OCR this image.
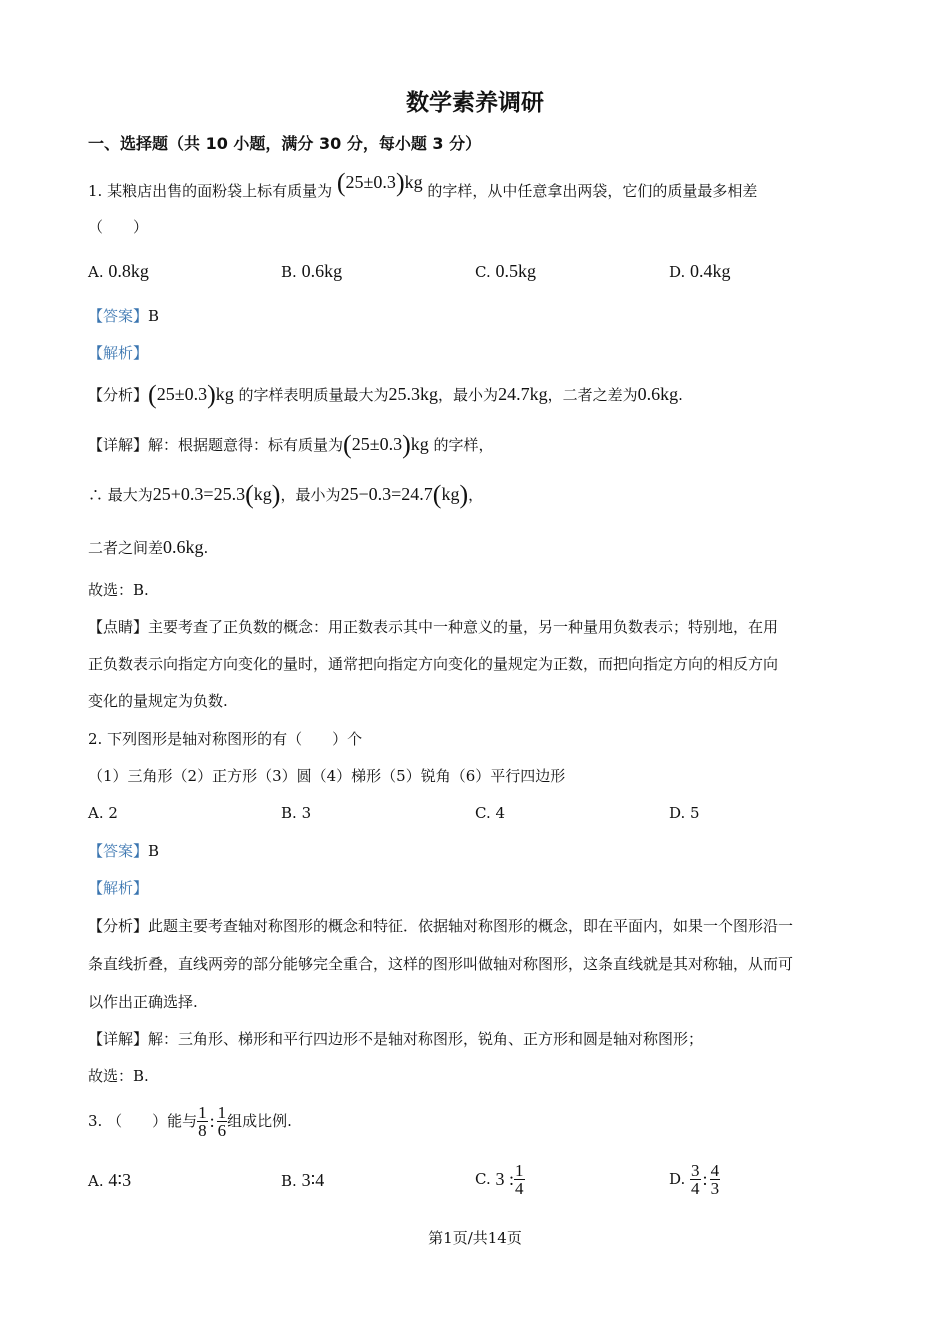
数学素养调研
一、选择题（共 10 小题，满分 30 分，每小题 3 分）
1. 某粮店出售的面粉袋上标有质量为 (25±0.3)kg 的字样，从中任意拿出两袋，它们的质量最多相差
（　　）
A. 0.8kg	B. 0.6kg	C. 0.5kg	D. 0.4kg
【答案】B
【解析】
【分析】(25±0.3)kg 的字样表明质量最大为25.3kg，最小为24.7kg，二者之差为0.6kg.
【详解】解：根据题意得：标有质量为(25±0.3)kg 的字样，
∴ 最大为25+0.3=25.3(kg)，最小为25−0.3=24.7(kg)，
二者之间差0.6kg.
故选：B.
【点睛】主要考查了正负数的概念：用正数表示其中一种意义的量，另一种量用负数表示；特别地，在用
正负数表示向指定方向变化的量时，通常把向指定方向变化的量规定为正数，而把向指定方向的相反方向
变化的量规定为负数.
2. 下列图形是轴对称图形的有（　　）个
（1）三角形（2）正方形（3）圆（4）梯形（5）锐角（6）平行四边形
A. 2	B. 3	C. 4	D. 5
【答案】B
【解析】
【分析】此题主要考查轴对称图形的概念和特征．依据轴对称图形的概念，即在平面内，如果一个图形沿一
条直线折叠，直线两旁的部分能够完全重合，这样的图形叫做轴对称图形，这条直线就是其对称轴，从而可
以作出正确选择.
【详解】解：三角形、梯形和平行四边形不是轴对称图形，锐角、正方形和圆是轴对称图形；
故选：B.
3. （　　）能与 $\frac{1}{8}$ : $\frac{1}{6}$ 组成比例.
A. 4∶3	B. 3∶4	C.
3 : $\frac{1}{4}$	D.
$\frac{3}{4}$ : $\frac{4}{3}$
第1页/共14页
